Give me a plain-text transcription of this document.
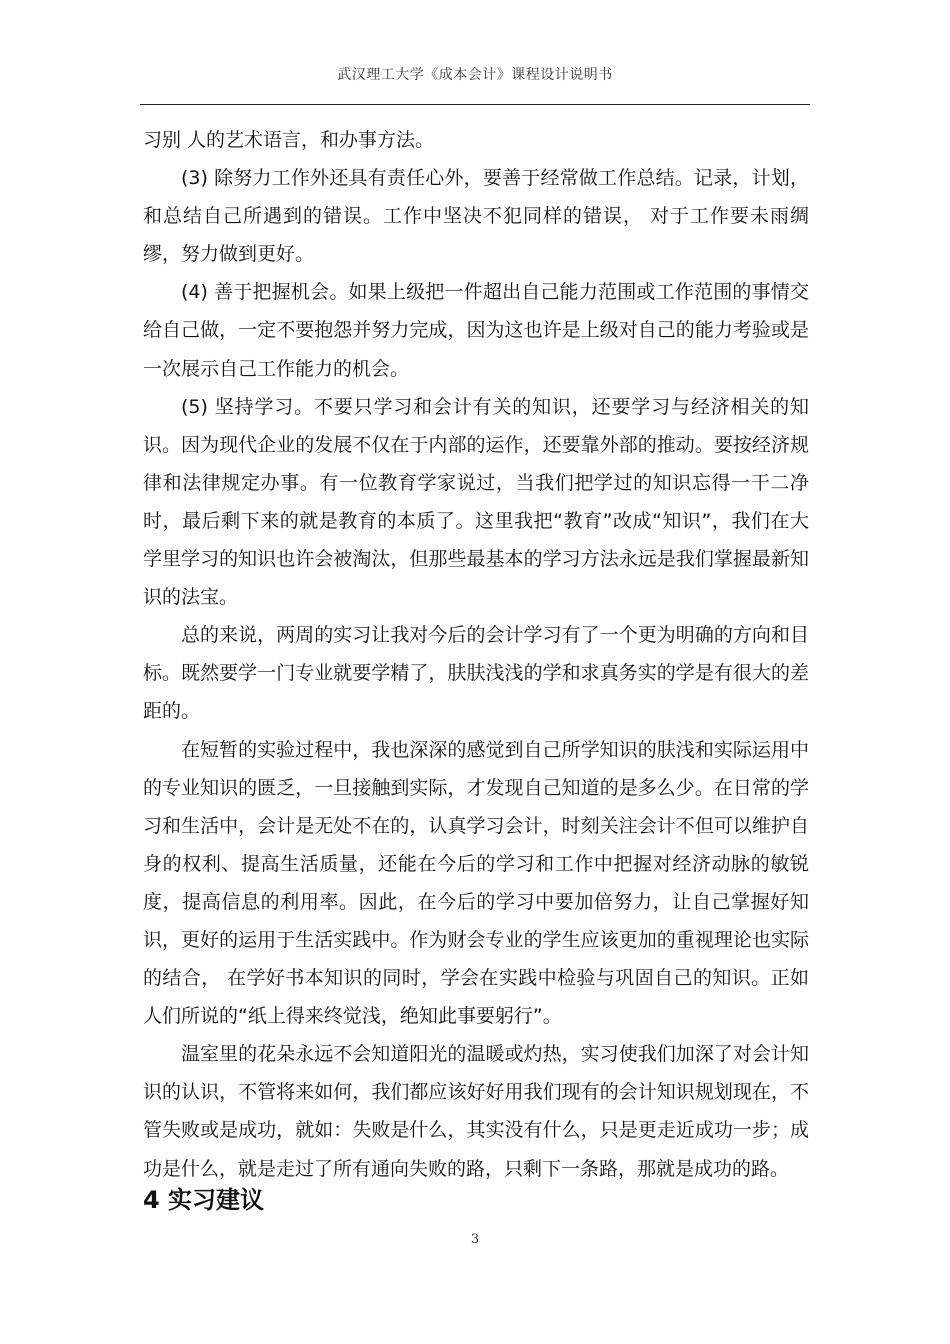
武汉理工大学《成本会计》课程设计说明书

习别 人的艺术语言，和办事方法。

(3) 除努力工作外还具有责任心外，要善于经常做工作总结。记录，计划，和总结自己所遇到的错误。工作中坚决不犯同样的错误， 对于工作要未雨绸缪，努力做到更好。

(4) 善于把握机会。如果上级把一件超出自己能力范围或工作范围的事情交给自己做，一定不要抱怨并努力完成，因为这也许是上级对自己的能力考验或是一次展示自己工作能力的机会。

(5) 坚持学习。不要只学习和会计有关的知识，还要学习与经济相关的知识。因为现代企业的发展不仅在于内部的运作，还要靠外部的推动。要按经济规律和法律规定办事。有一位教育学家说过，当我们把学过的知识忘得一干二净时，最后剩下来的就是教育的本质了。这里我把“教育”改成“知识”，我们在大学里学习的知识也许会被淘汰，但那些最基本的学习方法永远是我们掌握最新知识的法宝。

总的来说，两周的实习让我对今后的会计学习有了一个更为明确的方向和目标。既然要学一门专业就要学精了，肤肤浅浅的学和求真务实的学是有很大的差距的。

在短暂的实验过程中，我也深深的感觉到自己所学知识的肤浅和实际运用中的专业知识的匮乏，一旦接触到实际，才发现自己知道的是多么少。在日常的学习和生活中，会计是无处不在的，认真学习会计，时刻关注会计不但可以维护自身的权利、提高生活质量，还能在今后的学习和工作中把握对经济动脉的敏锐度，提高信息的利用率。因此，在今后的学习中要加倍努力，让自己掌握好知识，更好的运用于生活实践中。作为财会专业的学生应该更加的重视理论也实际的结合， 在学好书本知识的同时，学会在实践中检验与巩固自己的知识。正如人们所说的“纸上得来终觉浅，绝知此事要躬行”。

温室里的花朵永远不会知道阳光的温暖或灼热，实习使我们加深了对会计知识的认识，不管将来如何，我们都应该好好用我们现有的会计知识规划现在，不管失败或是成功，就如：失败是什么，其实没有什么，只是更走近成功一步；成功是什么，就是走过了所有通向失败的路，只剩下一条路，那就是成功的路。

4 实习建议
3
